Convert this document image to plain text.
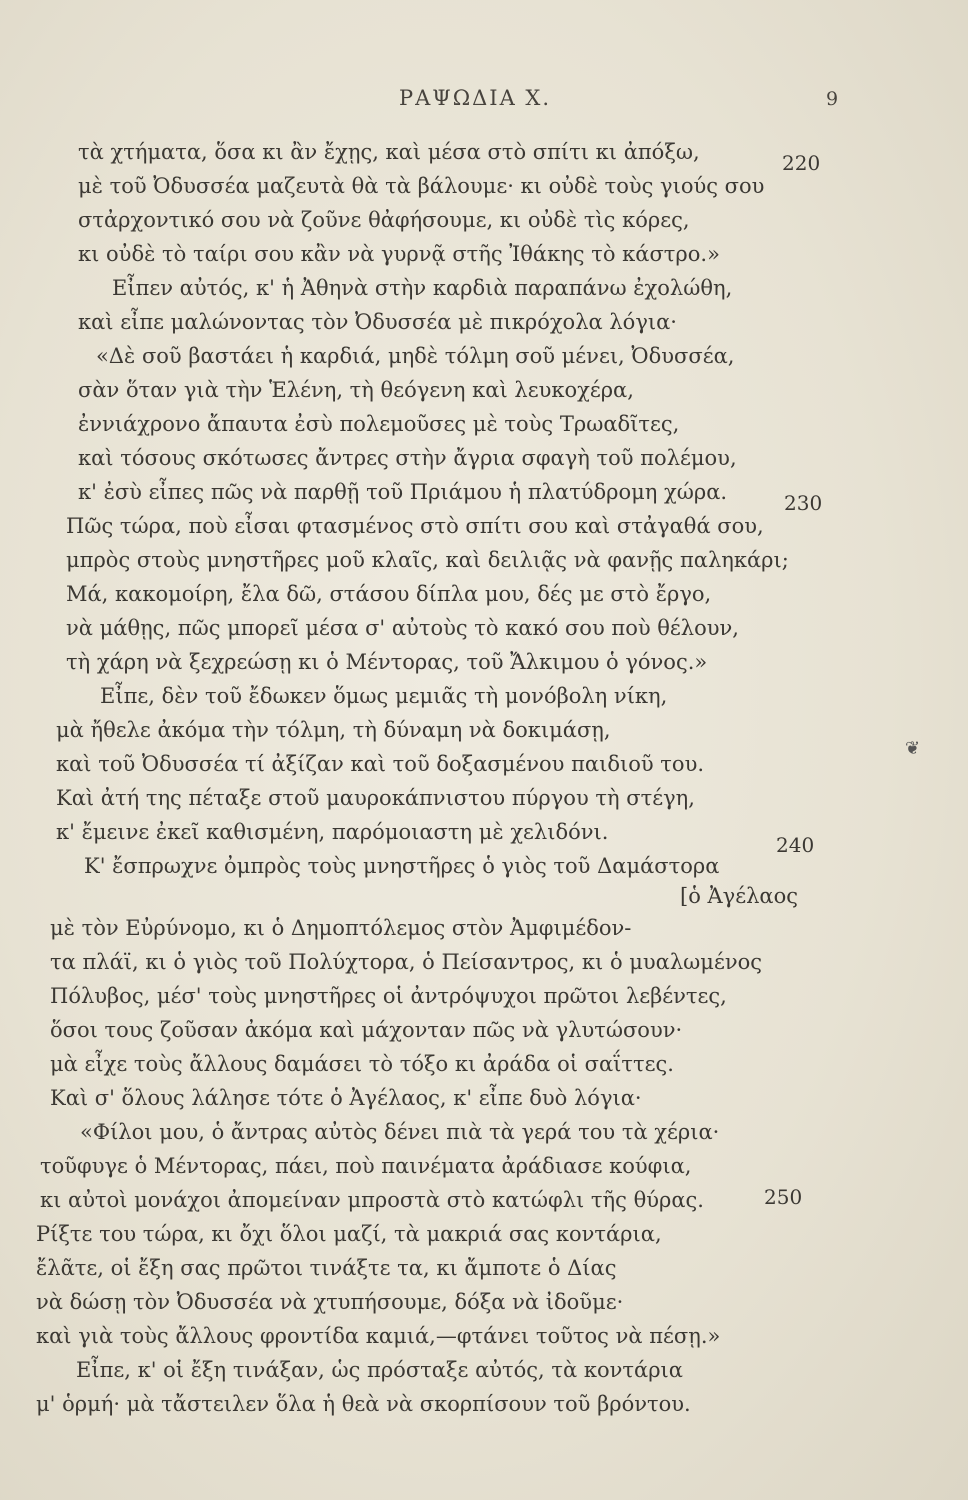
ΡΑΨΩΔΙΑ Χ.	9
τὰ χτήματα, ὅσα κι ἂν ἔχῃς, καὶ μέσα στὸ σπίτι κι ἀπόξω,
μὲ τοῦ Ὀδυσσέα μαζευτὰ θὰ τὰ βάλουμε· κι οὐδὲ τοὺς γιούς σου
στἀρχοντικό σου νὰ ζοῦνε θἀφήσουμε, κι οὐδὲ τὶς κόρες,
κι οὐδὲ τὸ ταίρι σου κἂν νὰ γυρνᾷ στῆς Ἰθάκης τὸ κάστρο.»
Εἶπεν αὐτός, κ' ἡ Ἀθηνὰ στὴν καρδιὰ παραπάνω ἐχολώθη,
καὶ εἶπε μαλώνοντας τὸν Ὀδυσσέα μὲ πικρόχολα λόγια·
«Δὲ σοῦ βαστάει ἡ καρδιά, μηδὲ τόλμη σοῦ μένει, Ὀδυσσέα,
σὰν ὅταν γιὰ τὴν Ἑλένη, τὴ θεόγενη καὶ λευκοχέρα,
ἐννιάχρονο ἄπαυτα ἐσὺ πολεμοῦσες μὲ τοὺς Τρωαδῖτες,
καὶ τόσους σκότωσες ἄντρες στὴν ἄγρια σφαγὴ τοῦ πολέμου,
κ' ἐσὺ εἶπες πῶς νὰ παρθῇ τοῦ Πριάμου ἡ πλατύδρομη χώρα.
Πῶς τώρα, ποὺ εἶσαι φτασμένος στὸ σπίτι σου καὶ στἀγαθά σου,
μπρὸς στοὺς μνηστῆρες μοῦ κλαῖς, καὶ δειλιᾷς νὰ φανῇς παληκάρι;
Μά, κακομοίρη, ἔλα δῶ, στάσου δίπλα μου, δές με στὸ ἔργο,
νὰ μάθῃς, πῶς μπορεῖ μέσα σ' αὐτοὺς τὸ κακό σου ποὺ θέλουν,
τὴ χάρη νὰ ξεχρεώσῃ κι ὁ Μέντορας, τοῦ Ἄλκιμου ὁ γόνος.»
Εἶπε, δὲν τοῦ ἔδωκεν ὅμως μεμιᾶς τὴ μονόβολη νίκη,
μὰ ἤθελε ἀκόμα τὴν τόλμη, τὴ δύναμη νὰ δοκιμάσῃ,
καὶ τοῦ Ὀδυσσέα τί ἀξίζαν καὶ τοῦ δοξασμένου παιδιοῦ του.
Καὶ ἀτή της πέταξε στοῦ μαυροκάπνιστου πύργου τὴ στέγη,
κ' ἔμεινε ἐκεῖ καθισμένη, παρόμοιαστη μὲ χελιδόνι.
Κ' ἔσπρωχνε ὀμπρὸς τοὺς μνηστῆρες ὁ γιὸς τοῦ Δαμάστορα
[ὁ Ἀγέλαος
μὲ τὸν Εὐρύνομο, κι ὁ Δημοπτόλεμος στὸν Ἀμφιμέδον-
τα πλάϊ, κι ὁ γιὸς τοῦ Πολύχτορα, ὁ Πείσαντρος, κι ὁ μυαλωμένος
Πόλυβος, μέσ' τοὺς μνηστῆρες οἱ ἀντρόψυχοι πρῶτοι λεβέντες,
ὅσοι τους ζοῦσαν ἀκόμα καὶ μάχονταν πῶς νὰ γλυτώσουν·
μὰ εἶχε τοὺς ἄλλους δαμάσει τὸ τόξο κι ἀράδα οἱ σαΐττες.
Καὶ σ' ὅλους λάλησε τότε ὁ Ἀγέλαος, κ' εἶπε δυὸ λόγια·
«Φίλοι μου, ὁ ἄντρας αὐτὸς δένει πιὰ τὰ γερά του τὰ χέρια·
τοῦφυγε ὁ Μέντορας, πάει, ποὺ παινέματα ἀράδιασε κούφια,
κι αὐτοὶ μονάχοι ἀπομείναν μπροστὰ στὸ κατώφλι τῆς θύρας.
Ρίξτε του τώρα, κι ὄχι ὅλοι μαζί, τὰ μακριά σας κοντάρια,
ἔλᾶτε, οἱ ἔξη σας πρῶτοι τινάξτε τα, κι ἄμποτε ὁ Δίας
νὰ δώσῃ τὸν Ὀδυσσέα νὰ χτυπήσουμε, δόξα νὰ ἰδοῦμε·
καὶ γιὰ τοὺς ἄλλους φροντίδα καμιά,—φτάνει τοῦτος νὰ πέσῃ.»
Εἶπε, κ' οἱ ἔξη τινάξαν, ὡς πρόσταξε αὐτός, τὰ κοντάρια
μ' ὁρμή· μὰ τἄστειλεν ὅλα ἡ θεὰ νὰ σκορπίσουν τοῦ βρόντου.
220
230
240
250
❦
